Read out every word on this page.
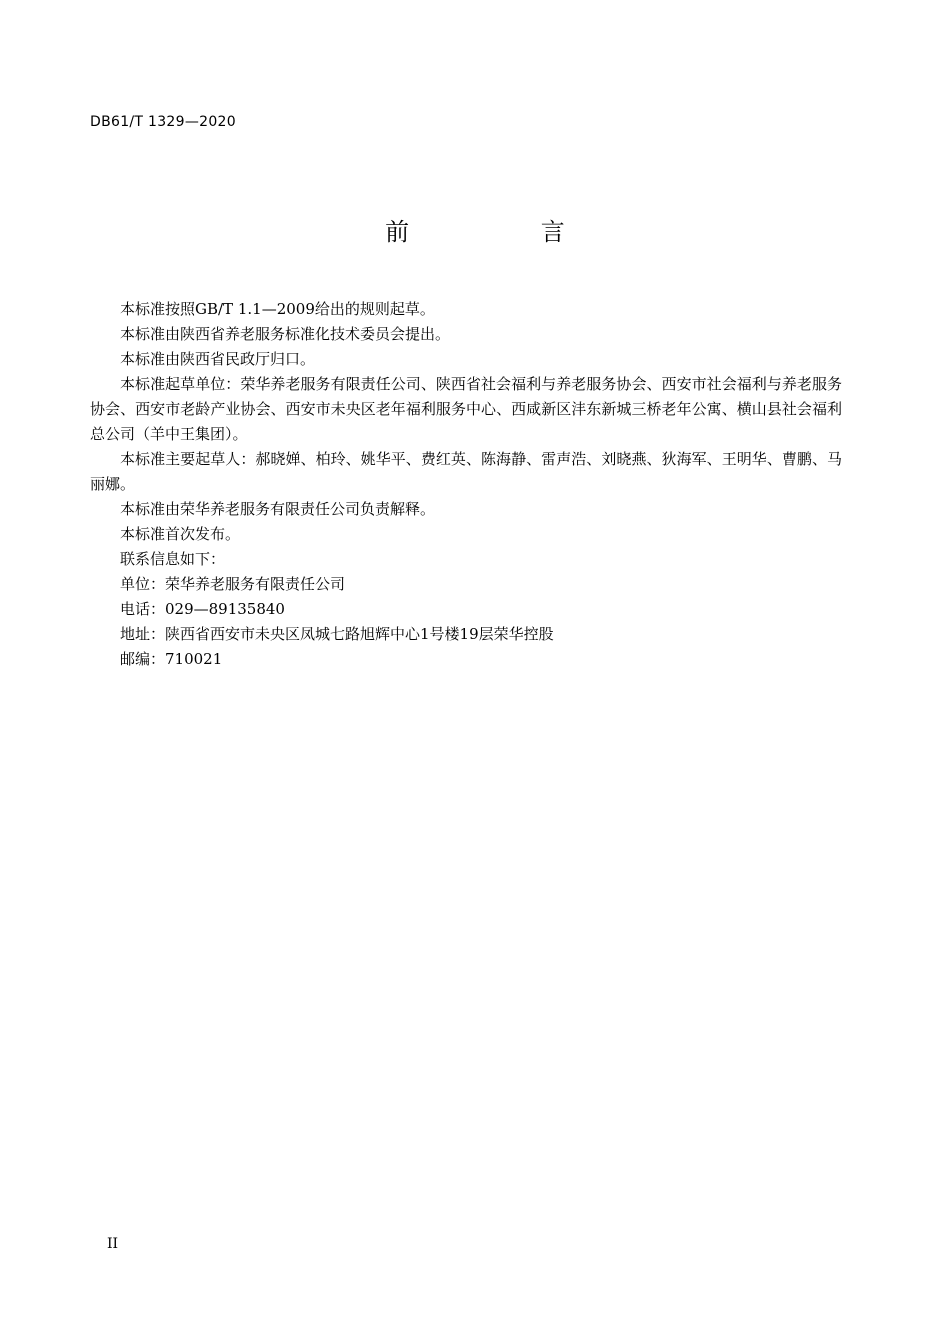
DB61/T 1329—2020
前 言

本标准按照GB/T 1.1—2009给出的规则起草。

本标准由陕西省养老服务标准化技术委员会提出。

本标准由陕西省民政厅归口。

本标准起草单位：荣华养老服务有限责任公司、陕西省社会福利与养老服务协会、西安市社会福利与养老服务协会、西安市老龄产业协会、西安市未央区老年福利服务中心、西咸新区沣东新城三桥老年公寓、横山县社会福利总公司（羊中王集团）。

本标准主要起草人：郝晓婵、柏玲、姚华平、费红英、陈海静、雷声浩、刘晓燕、狄海军、王明华、曹鹏、马丽娜。

本标准由荣华养老服务有限责任公司负责解释。

本标准首次发布。

联系信息如下：

单位：荣华养老服务有限责任公司

电话：029—89135840

地址：陕西省西安市未央区凤城七路旭辉中心1号楼19层荣华控股

邮编：710021

II
